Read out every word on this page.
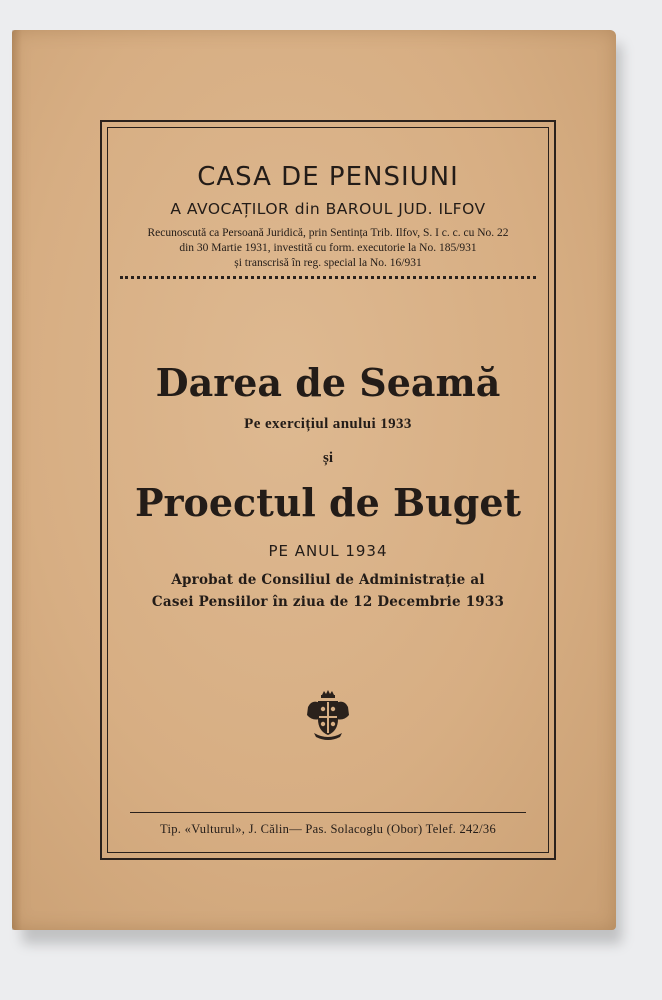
CASA DE PENSIUNI
A AVOCAȚILOR din BAROUL JUD. ILFOV
Recunoscută ca Persoană Juridică, prin Sentința Trib. Ilfov, S. I c. c. cu No. 22
din 30 Martie 1931, investită cu form. executorie la No. 185/931
și transcrisă în reg. special la No. 16/931
Darea de Seamă
Pe exercițiul anului 1933
și
Proectul de Buget
PE ANUL 1934
Aprobat de Consiliul de Administrație al
Casei Pensiilor în ziua de 12 Decembrie 1933
Tip. «Vulturul», J. Călin— Pas. Solacoglu (Obor) Telef. 242/36
